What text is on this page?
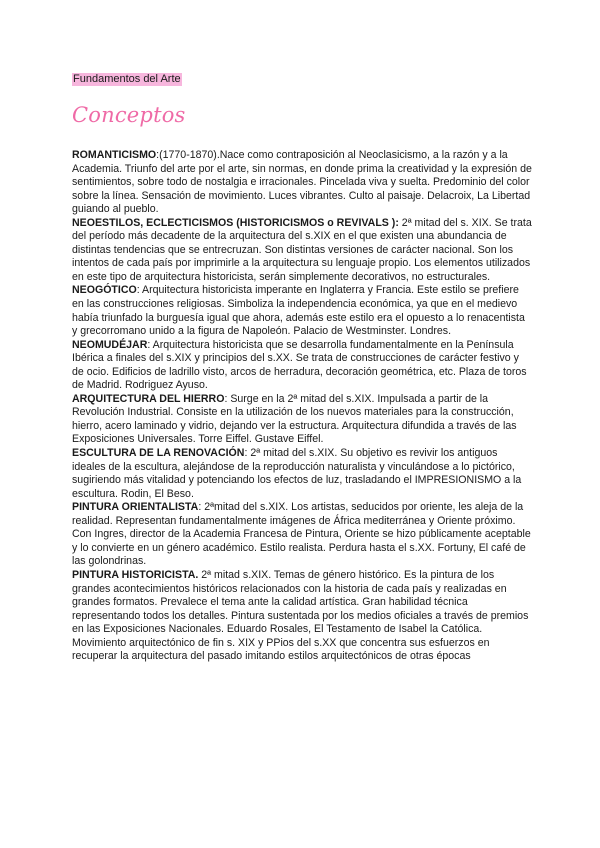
Fundamentos del Arte
Conceptos

ROMANTICISMO:(1770-1870).Nace como contraposición al Neoclasicismo, a la razón y a la Academia. Triunfo del arte por el arte, sin normas, en donde prima la creatividad y la expresión de sentimientos, sobre todo de nostalgia e irracionales. Pincelada viva y suelta. Predominio del color sobre la línea. Sensación de movimiento. Luces vibrantes. Culto al paisaje. Delacroix, La Libertad guiando al pueblo.

NEOESTILOS, ECLECTICISMOS (HISTORICISMOS o REVIVALS ): 2ª mitad del s. XIX. Se trata del período más decadente de la arquitectura del s.XIX en el que existen una abundancia de distintas tendencias que se entrecruzan. Son distintas versiones de carácter nacional. Son los intentos de cada país por imprimirle a la arquitectura su lenguaje propio. Los elementos utilizados en este tipo de arquitectura historicista, serán simplemente decorativos, no estructurales.

NEOGÓTICO: Arquitectura historicista imperante en Inglaterra y Francia. Este estilo se prefiere en las construcciones religiosas. Simboliza la independencia económica, ya que en el medievo había triunfado la burguesía igual que ahora, además este estilo era el opuesto a lo renacentista y grecorromano unido a la figura de Napoleón. Palacio de Westminster. Londres.

NEOMUDÉJAR: Arquitectura historicista que se desarrolla fundamentalmente en la Península Ibérica a finales del s.XIX y principios del s.XX. Se trata de construcciones de carácter festivo y de ocio. Edificios de ladrillo visto, arcos de herradura, decoración geométrica, etc. Plaza de toros de Madrid. Rodriguez Ayuso.

ARQUITECTURA DEL HIERRO: Surge en la 2ª mitad del s.XIX. Impulsada a partir de la Revolución Industrial. Consiste en la utilización de los nuevos materiales para la construcción, hierro, acero laminado y vidrio, dejando ver la estructura. Arquitectura difundida a través de las Exposiciones Universales. Torre Eiffel. Gustave Eiffel.

ESCULTURA DE LA RENOVACIÓN: 2ª mitad del s.XIX. Su objetivo es revivir los antiguos ideales de la escultura, alejándose de la reproducción naturalista y vinculándose a lo pictórico, sugiriendo más vitalidad y potenciando los efectos de luz, trasladando el IMPRESIONISMO a la escultura. Rodin, El Beso.

PINTURA ORIENTALISTA: 2ªmitad del s.XIX. Los artistas, seducidos por oriente, les aleja de la realidad. Representan fundamentalmente imágenes de África mediterránea y Oriente próximo. Con Ingres, director de la Academia Francesa de Pintura, Oriente se hizo públicamente aceptable y lo convierte en un género académico. Estilo realista. Perdura hasta el s.XX. Fortuny, El café de las golondrinas.

PINTURA HISTORICISTA. 2ª mitad s.XIX. Temas de género histórico. Es la pintura de los grandes acontecimientos históricos relacionados con la historia de cada país y realizadas en grandes formatos. Prevalece el tema ante la calidad artística. Gran habilidad técnica representando todos los detalles. Pintura sustentada por los medios oficiales a través de premios en las Exposiciones Nacionales. Eduardo Rosales, El Testamento de Isabel la Católica.

Movimiento arquitectónico de fin s. XIX y PPios del s.XX que concentra sus esfuerzos en recuperar la arquitectura del pasado imitando estilos arquitectónicos de otras épocas
